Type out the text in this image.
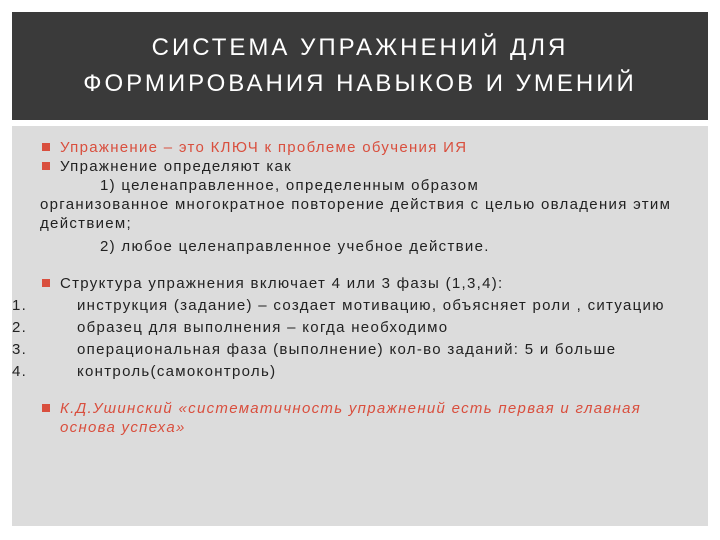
СИСТЕМА УПРАЖНЕНИЙ ДЛЯ
ФОРМИРОВАНИЯ НАВЫКОВ И УМЕНИЙ
Упражнение – это КЛЮЧ к проблеме обучения ИЯ
Упражнение определяют как
1) целенаправленное, определенным образом
организованное многократное повторение действия с целью овладения этим действием;
2) любое целенаправленное учебное действие.
Структура упражнения включает 4 или 3 фазы (1,3,4):
1.	инструкция (задание) – создает мотивацию, объясняет роли , ситуацию
2.	образец для выполнения – когда необходимо
3.	операциональная фаза (выполнение) кол-во заданий: 5 и больше
4.	контроль(самоконтроль)
К.Д.Ушинский «систематичность упражнений есть первая и главная основа успеха»
